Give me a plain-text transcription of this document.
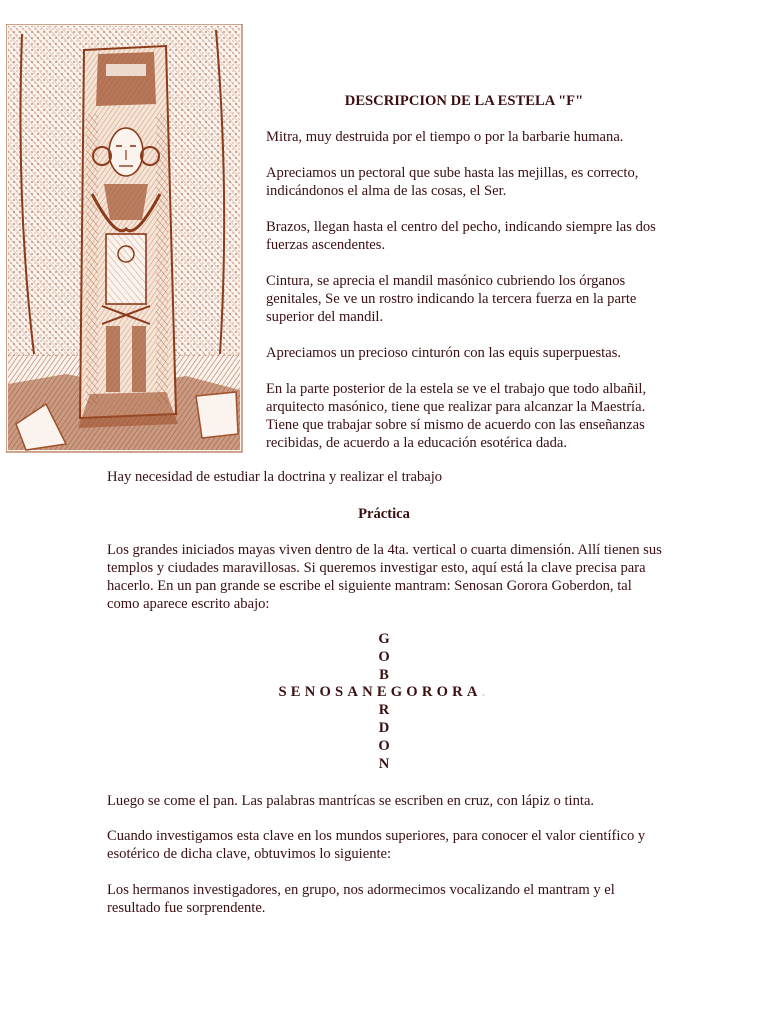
DESCRIPCION DE LA ESTELA "F"

Mitra, muy destruida por el tiempo o por la barbarie humana.

Apreciamos un pectoral que sube hasta las mejillas, es correcto, indicándonos el alma de las cosas, el Ser.

Brazos, llegan hasta el centro del pecho, indicando siempre las dos fuerzas ascendentes.

Cintura, se aprecia el mandil masónico cubriendo los órganos genitales, Se ve un rostro indicando la tercera fuerza en la parte superior del mandil.

Apreciamos un precioso cinturón con las equis superpuestas.

En la parte posterior de la estela se ve el trabajo que todo albañil, arquitecto masónico, tiene que realizar para alcanzar la Maestría. Tiene que trabajar sobre sí mismo de acuerdo con las enseñanzas recibidas, de acuerdo a la educación esotérica dada.

Hay necesidad de estudiar la doctrina y realizar el trabajo

Práctica

Los grandes iniciados mayas viven dentro de la 4ta. vertical o cuarta dimensión. Allí tienen sus templos y ciudades maravillosas. Si queremos investigar esto, aquí está la clave precisa para hacerlo. En un pan grande se escribe el siguiente mantram: Senosan Gorora Goberdon, tal como aparece escrito abajo:

G
O
B
SENOSANEGORORA.
R
D
O
N

Luego se come el pan. Las palabras mantrícas se escriben en cruz, con lápiz o tinta.

Cuando investigamos esta clave en los mundos superiores, para conocer el valor científico y esotérico de dicha clave, obtuvimos lo siguiente:

Los hermanos investigadores, en grupo, nos adormecimos vocalizando el mantram y el resultado fue sorprendente.
